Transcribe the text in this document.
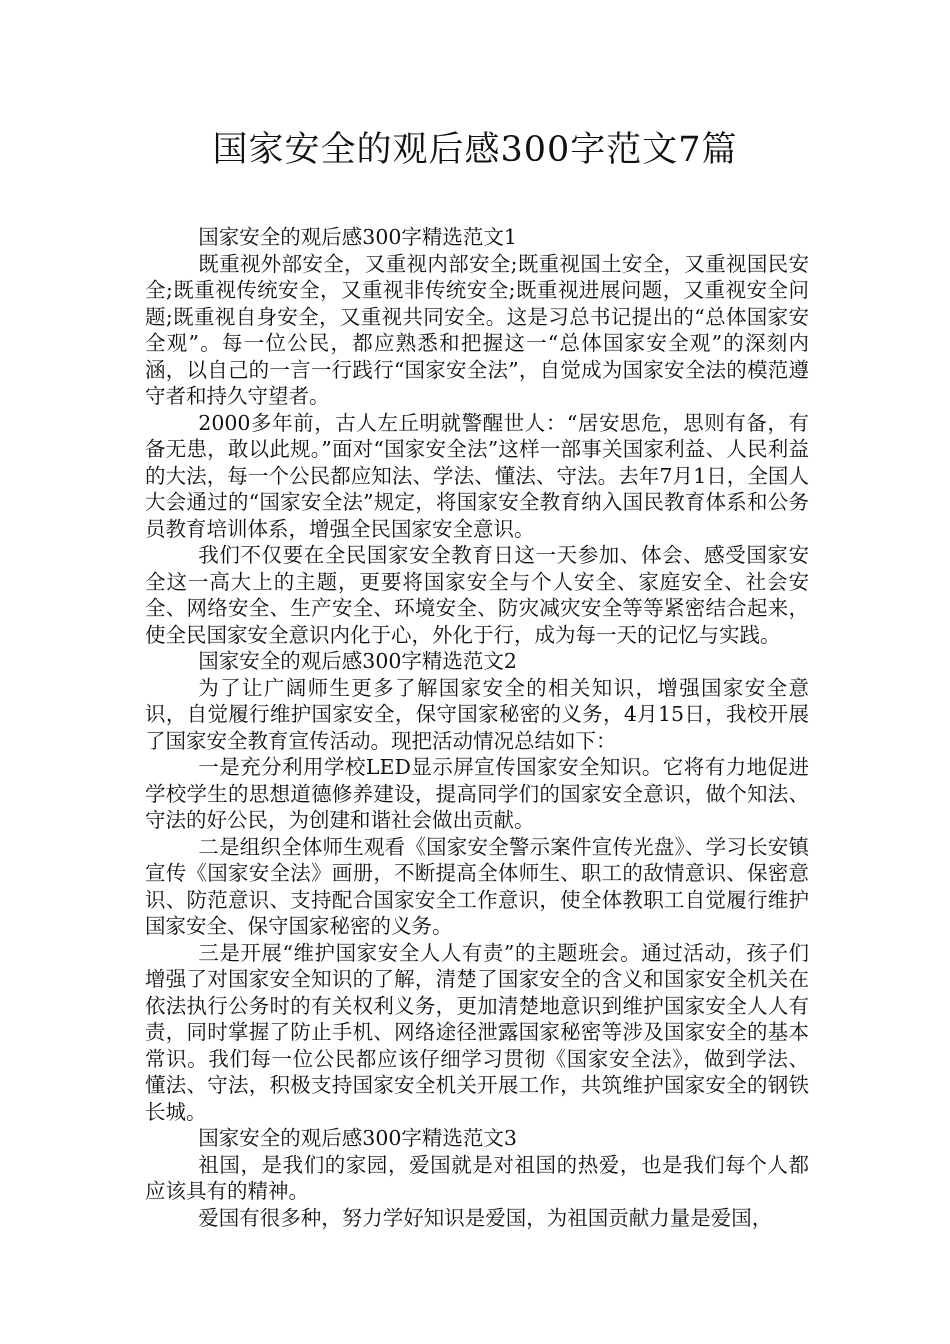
国家安全的观后感300字范文7篇

国家安全的观后感300字精选范文1

既重视外部安全，又重视内部安全;既重视国土安全，又重视国民安全;既重视传统安全，又重视非传统安全;既重视进展问题，又重视安全问题;既重视自身安全，又重视共同安全。这是习总书记提出的“总体国家安全观”。每一位公民，都应熟悉和把握这一“总体国家安全观”的深刻内涵，以自己的一言一行践行“国家安全法”，自觉成为国家安全法的模范遵守者和持久守望者。

2000多年前，古人左丘明就警醒世人：“居安思危，思则有备，有备无患，敢以此规。”面对“国家安全法”这样一部事关国家利益、人民利益的大法，每一个公民都应知法、学法、懂法、守法。去年7月1日，全国人大会通过的“国家安全法”规定，将国家安全教育纳入国民教育体系和公务员教育培训体系，增强全民国家安全意识。

我们不仅要在全民国家安全教育日这一天参加、体会、感受国家安全这一高大上的主题，更要将国家安全与个人安全、家庭安全、社会安全、网络安全、生产安全、环境安全、防灾减灾安全等等紧密结合起来，使全民国家安全意识内化于心，外化于行，成为每一天的记忆与实践。

国家安全的观后感300字精选范文2

为了让广阔师生更多了解国家安全的相关知识，增强国家安全意识，自觉履行维护国家安全，保守国家秘密的义务，4月15日，我校开展了国家安全教育宣传活动。现把活动情况总结如下：

一是充分利用学校LED显示屏宣传国家安全知识。它将有力地促进学校学生的思想道德修养建设，提高同学们的国家安全意识，做个知法、守法的好公民，为创建和谐社会做出贡献。

二是组织全体师生观看《国家安全警示案件宣传光盘》、学习长安镇宣传《国家安全法》画册，不断提高全体师生、职工的敌情意识、保密意识、防范意识、支持配合国家安全工作意识，使全体教职工自觉履行维护国家安全、保守国家秘密的义务。

三是开展“维护国家安全人人有责”的主题班会。通过活动，孩子们增强了对国家安全知识的了解，清楚了国家安全的含义和国家安全机关在依法执行公务时的有关权利义务，更加清楚地意识到维护国家安全人人有责，同时掌握了防止手机、网络途径泄露国家秘密等涉及国家安全的基本常识。我们每一位公民都应该仔细学习贯彻《国家安全法》，做到学法、懂法、守法，积极支持国家安全机关开展工作，共筑维护国家安全的钢铁长城。

国家安全的观后感300字精选范文3

祖国，是我们的家园，爱国就是对祖国的热爱，也是我们每个人都应该具有的精神。

爱国有很多种，努力学好知识是爱国，为祖国贡献力量是爱国，
